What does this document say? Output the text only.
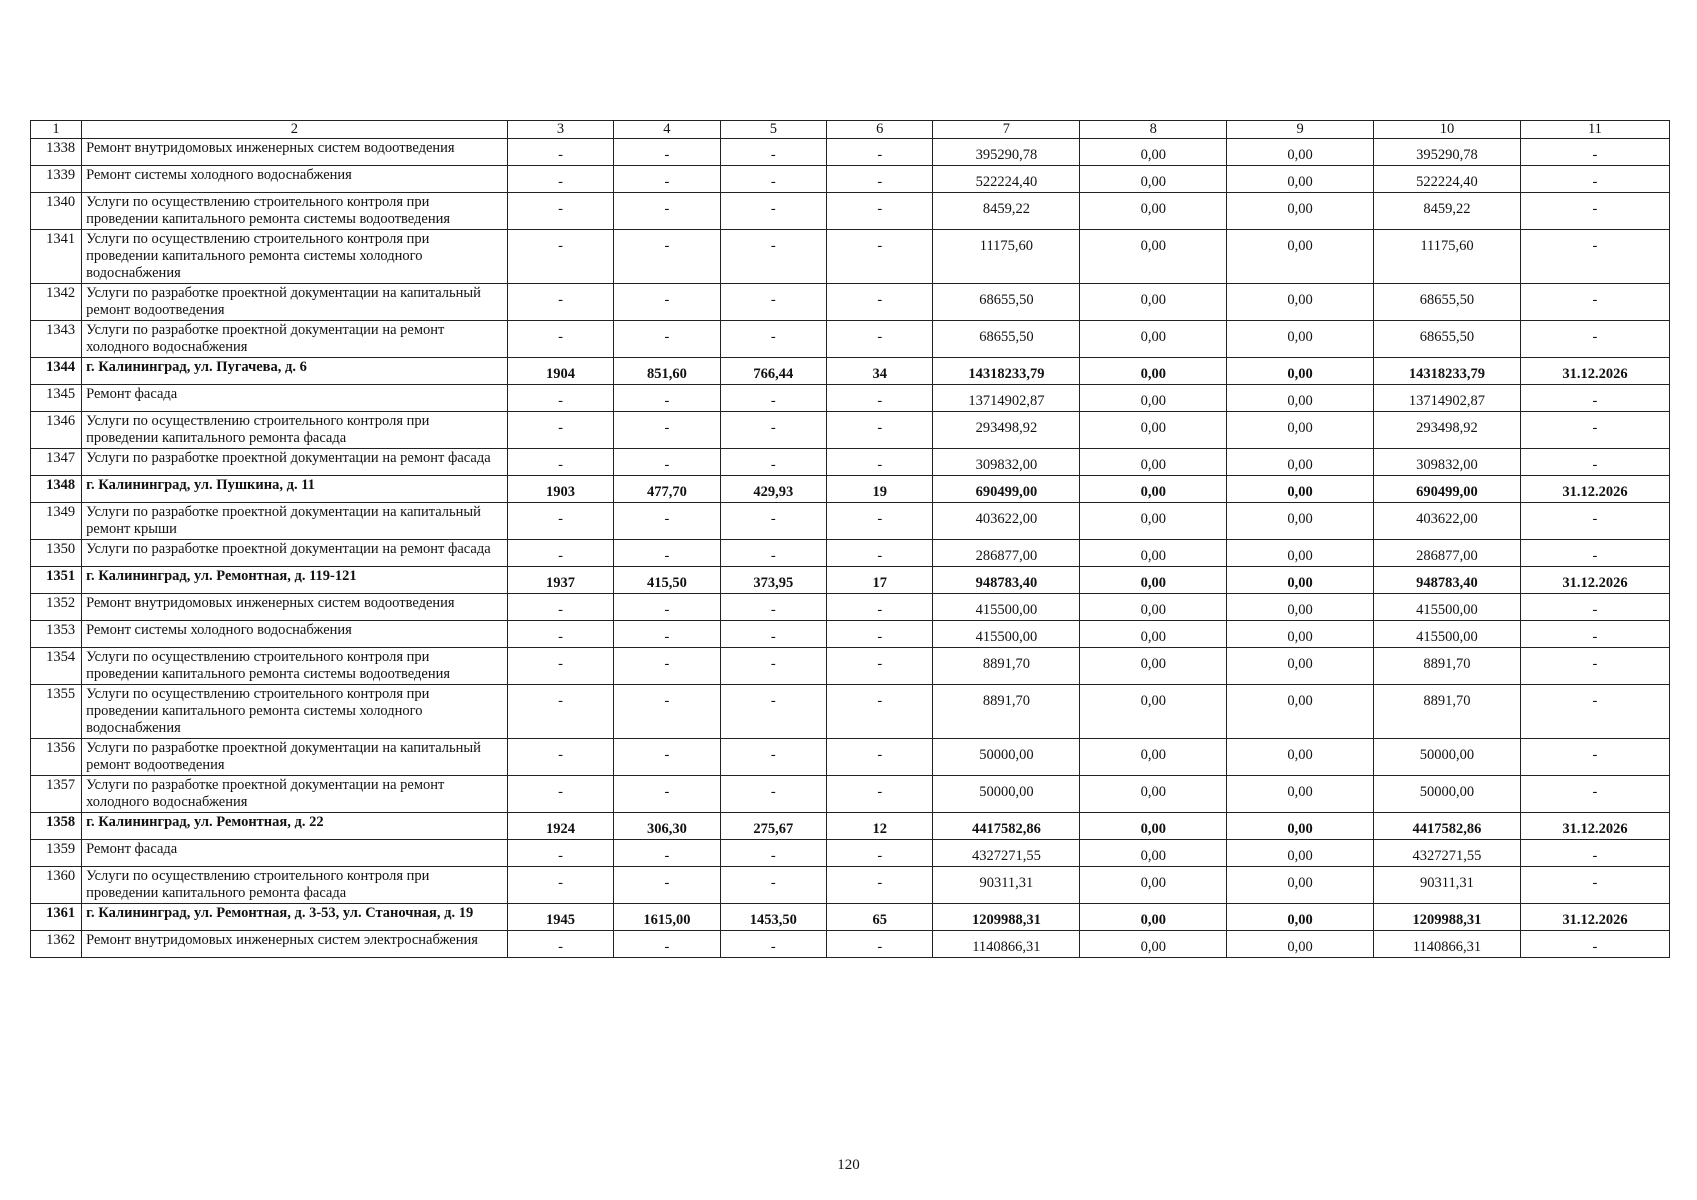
1	2	3	4	5	6	7	8	9	10	11
1338	Ремонт внутридомовых инженерных систем водоотведения	-	-	-	-	395290,78	0,00	0,00	395290,78	-
1339	Ремонт системы холодного водоснабжения	-	-	-	-	522224,40	0,00	0,00	522224,40	-
1340	Услуги по осуществлению строительного контроля при проведении капитального ремонта системы водоотведения	-	-	-	-	8459,22	0,00	0,00	8459,22	-
1341	Услуги по осуществлению строительного контроля при проведении капитального ремонта системы холодного водоснабжения	-	-	-	-	11175,60	0,00	0,00	11175,60	-
1342	Услуги по разработке проектной документации на капитальный ремонт водоотведения	-	-	-	-	68655,50	0,00	0,00	68655,50	-
1343	Услуги по разработке проектной документации на ремонт холодного водоснабжения	-	-	-	-	68655,50	0,00	0,00	68655,50	-
1344	г. Калининград, ул. Пугачева, д. 6	1904	851,60	766,44	34	14318233,79	0,00	0,00	14318233,79	31.12.2026
1345	Ремонт фасада	-	-	-	-	13714902,87	0,00	0,00	13714902,87	-
1346	Услуги по осуществлению строительного контроля при проведении капитального ремонта фасада	-	-	-	-	293498,92	0,00	0,00	293498,92	-
1347	Услуги по разработке проектной документации на ремонт фасада	-	-	-	-	309832,00	0,00	0,00	309832,00	-
1348	г. Калининград, ул. Пушкина, д. 11	1903	477,70	429,93	19	690499,00	0,00	0,00	690499,00	31.12.2026
1349	Услуги по разработке проектной документации на капитальный ремонт крыши	-	-	-	-	403622,00	0,00	0,00	403622,00	-
1350	Услуги по разработке проектной документации на ремонт фасада	-	-	-	-	286877,00	0,00	0,00	286877,00	-
1351	г. Калининград, ул. Ремонтная, д. 119-121	1937	415,50	373,95	17	948783,40	0,00	0,00	948783,40	31.12.2026
1352	Ремонт внутридомовых инженерных систем водоотведения	-	-	-	-	415500,00	0,00	0,00	415500,00	-
1353	Ремонт системы холодного водоснабжения	-	-	-	-	415500,00	0,00	0,00	415500,00	-
1354	Услуги по осуществлению строительного контроля при проведении капитального ремонта системы водоотведения	-	-	-	-	8891,70	0,00	0,00	8891,70	-
1355	Услуги по осуществлению строительного контроля при проведении капитального ремонта системы холодного водоснабжения	-	-	-	-	8891,70	0,00	0,00	8891,70	-
1356	Услуги по разработке проектной документации на капитальный ремонт водоотведения	-	-	-	-	50000,00	0,00	0,00	50000,00	-
1357	Услуги по разработке проектной документации на ремонт холодного водоснабжения	-	-	-	-	50000,00	0,00	0,00	50000,00	-
1358	г. Калининград, ул. Ремонтная, д. 22	1924	306,30	275,67	12	4417582,86	0,00	0,00	4417582,86	31.12.2026
1359	Ремонт фасада	-	-	-	-	4327271,55	0,00	0,00	4327271,55	-
1360	Услуги по осуществлению строительного контроля при проведении капитального ремонта фасада	-	-	-	-	90311,31	0,00	0,00	90311,31	-
1361	г. Калининград, ул. Ремонтная, д. 3-53, ул. Станочная, д. 19	1945	1615,00	1453,50	65	1209988,31	0,00	0,00	1209988,31	31.12.2026
1362	Ремонт внутридомовых инженерных систем электроснабжения	-	-	-	-	1140866,31	0,00	0,00	1140866,31	-
120
